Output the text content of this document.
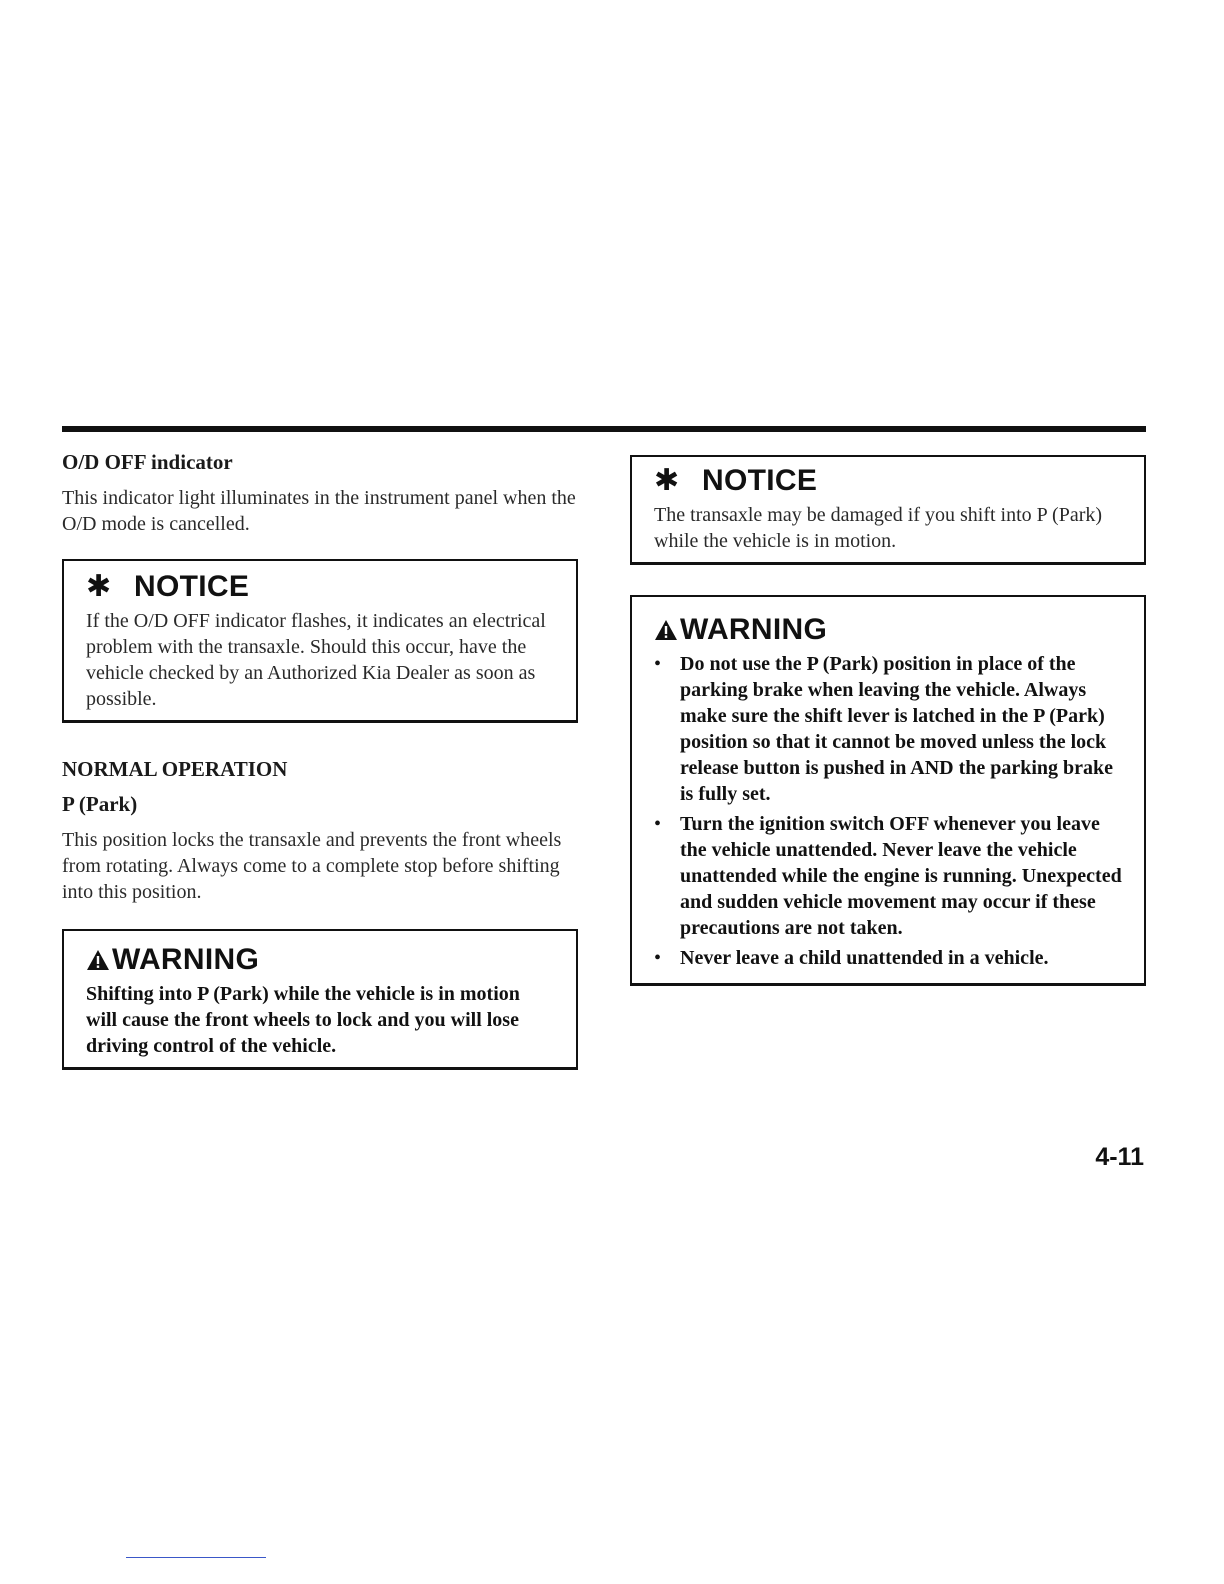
O/D OFF indicator

This indicator light illuminates in the instrument panel when the O/D mode is cancelled.

✱ NOTICE

If the O/D OFF indicator flashes, it indicates an electrical problem with the transaxle. Should this occur, have the vehicle checked by an Authorized Kia Dealer as soon as possible.

NORMAL OPERATION
P (Park)

This position locks the transaxle and prevents the front wheels from rotating. Always come to a complete stop before shifting into this position.

WARNING

Shifting into P (Park) while the vehicle is in motion will cause the front wheels to lock and you will lose driving control of the vehicle.

✱ NOTICE

The transaxle may be damaged if you shift into P (Park) while the vehicle is in motion.

WARNING
• Do not use the P (Park) position in place of the parking brake when leaving the vehicle. Always make sure the shift lever is latched in the P (Park) position so that it cannot be moved unless the lock release button is pushed in AND the parking brake is fully set.
• Turn the ignition switch OFF whenever you leave the vehicle unattended. Never leave the vehicle unattended while the engine is running. Unexpected and sudden vehicle movement may occur if these precautions are not taken.
• Never leave a child unattended in a vehicle.
4-11
